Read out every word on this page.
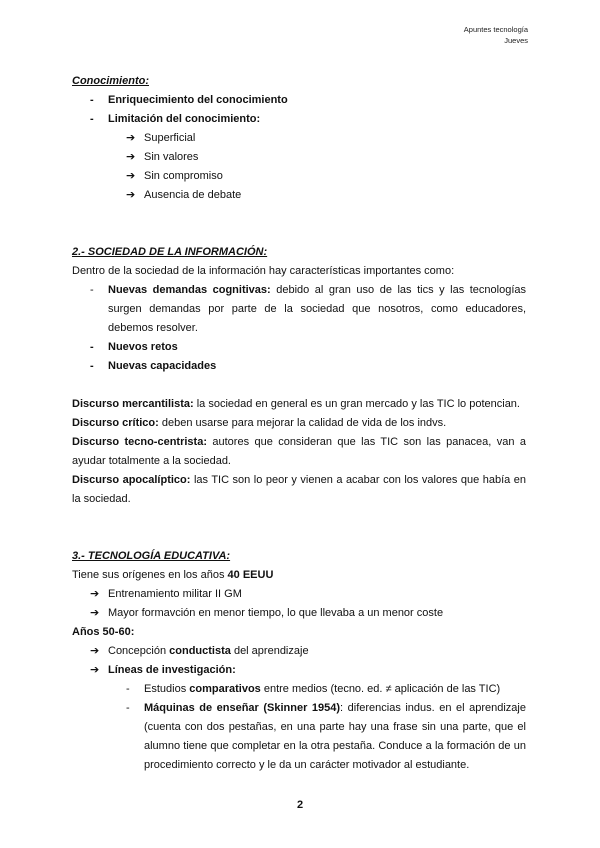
Apuntes tecnología
Jueves
Conocimiento:
- Enriquecimiento del conocimiento
- Limitación del conocimiento:
➔ Superficial
➔ Sin valores
➔ Sin compromiso
➔ Ausencia de debate
2.- SOCIEDAD DE LA INFORMACIÓN:
Dentro de la sociedad de la información hay características importantes como:
- Nuevas demandas cognitivas: debido al gran uso de las tics y las tecnologías surgen demandas por parte de la sociedad que nosotros, como educadores, debemos resolver.
- Nuevos retos
- Nuevas capacidades
Discurso mercantilista: la sociedad en general es un gran mercado y las TIC lo potencian.
Discurso crítico: deben usarse para mejorar la calidad de vida de los indvs.
Discurso tecno-centrista: autores que consideran que las TIC son las panacea, van a ayudar totalmente a la sociedad.
Discurso apocalíptico: las TIC son lo peor y vienen a acabar con los valores que había en la sociedad.
3.- TECNOLOGÍA EDUCATIVA:
Tiene sus orígenes en los años 40 EEUU
➔ Entrenamiento militar II GM
➔ Mayor formavción en menor tiempo, lo que llevaba a un menor coste
Años 50-60:
➔ Concepción conductista del aprendizaje
➔ Líneas de investigación:
- Estudios comparativos entre medios (tecno. ed. ≠ aplicación de las TIC)
- Máquinas de enseñar (Skinner 1954): diferencias indus. en el aprendizaje (cuenta con dos pestañas, en una parte hay una frase sin una parte, que el alumno tiene que completar en la otra pestaña. Conduce a la formación de un procedimiento correcto y le da un carácter motivador al estudiante.
2
